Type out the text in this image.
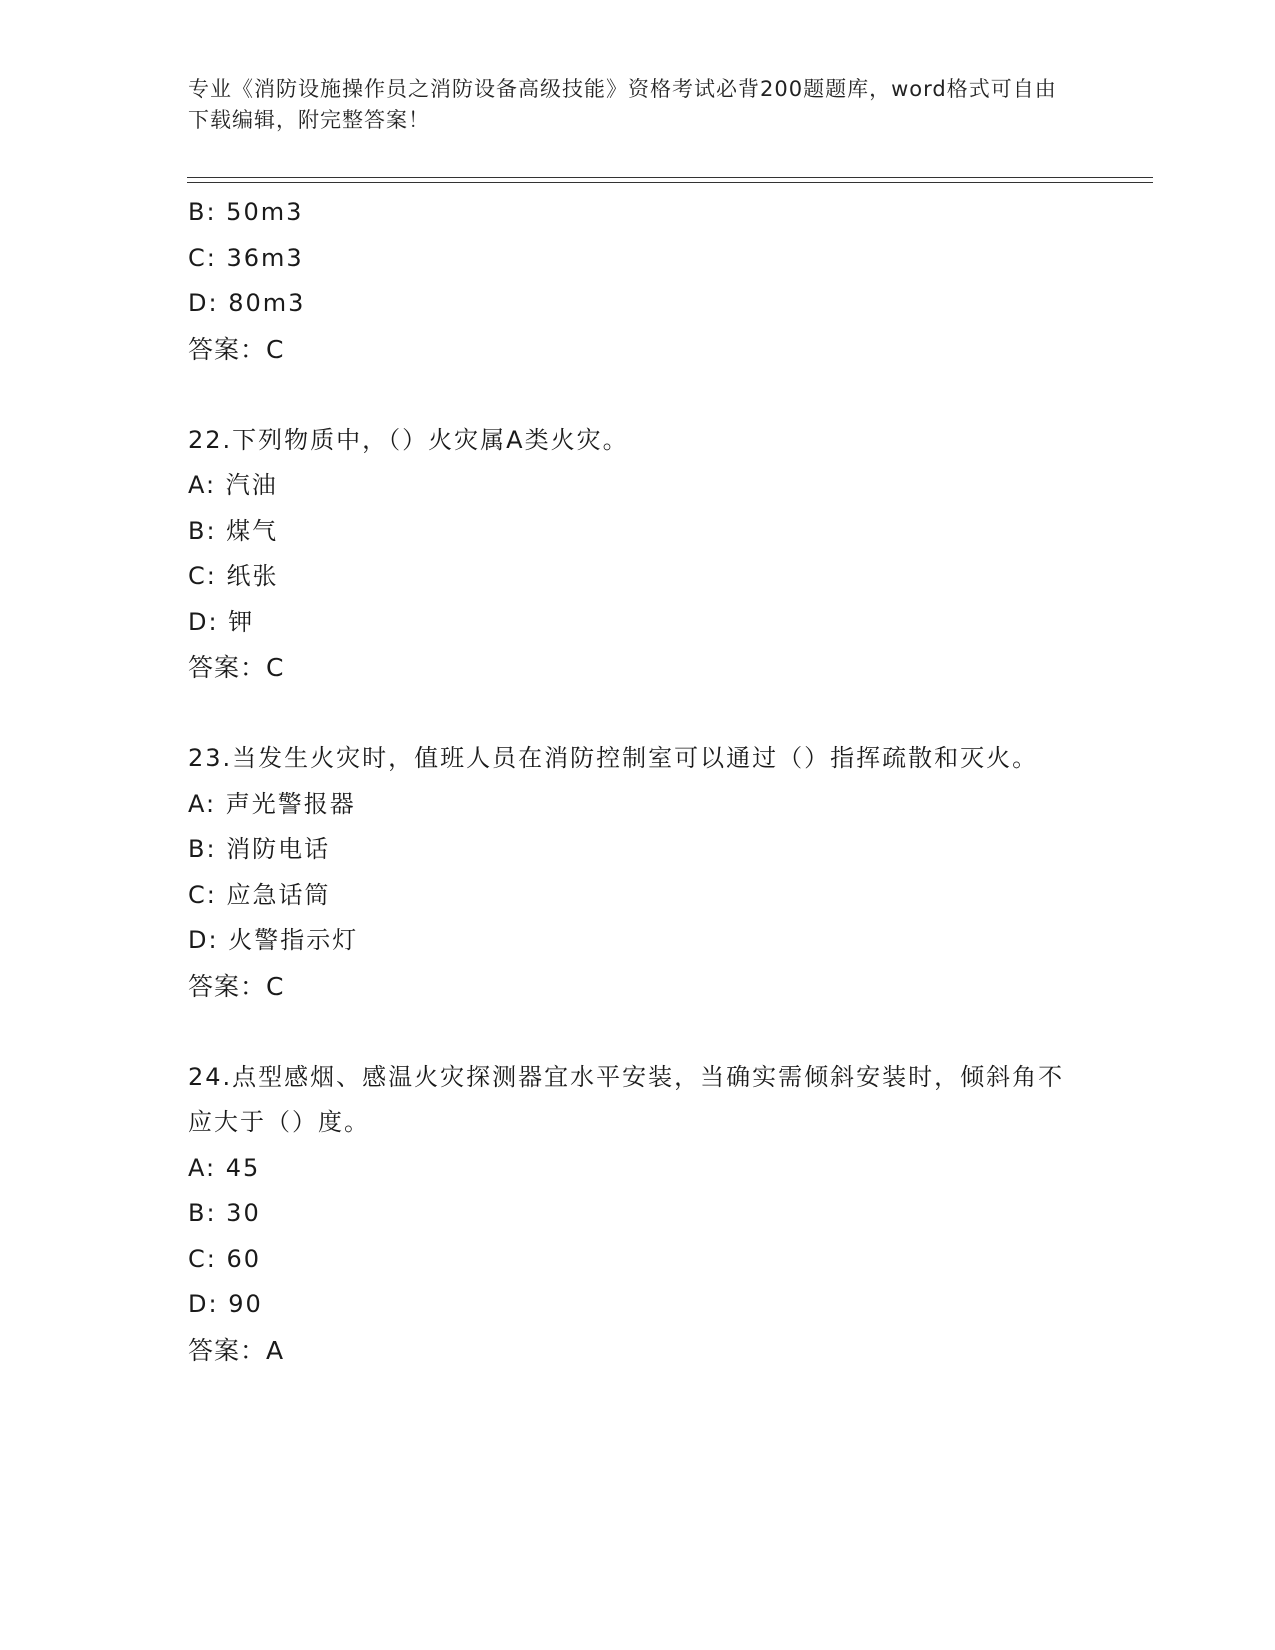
专业《消防设施操作员之消防设备高级技能》资格考试必背200题题库，word格式可自由下载编辑，附完整答案！
B: 50m3
C: 36m3
D: 80m3
答案：C
22.下列物质中，（）火灾属A类火灾。
A: 汽油
B: 煤气
C: 纸张
D: 钾
答案：C
23.当发生火灾时，值班人员在消防控制室可以通过（）指挥疏散和灭火。
A: 声光警报器
B: 消防电话
C: 应急话筒
D: 火警指示灯
答案：C
24.点型感烟、感温火灾探测器宜水平安装，当确实需倾斜安装时，倾斜角不应大于（）度。
A: 45
B: 30
C: 60
D: 90
答案：A
